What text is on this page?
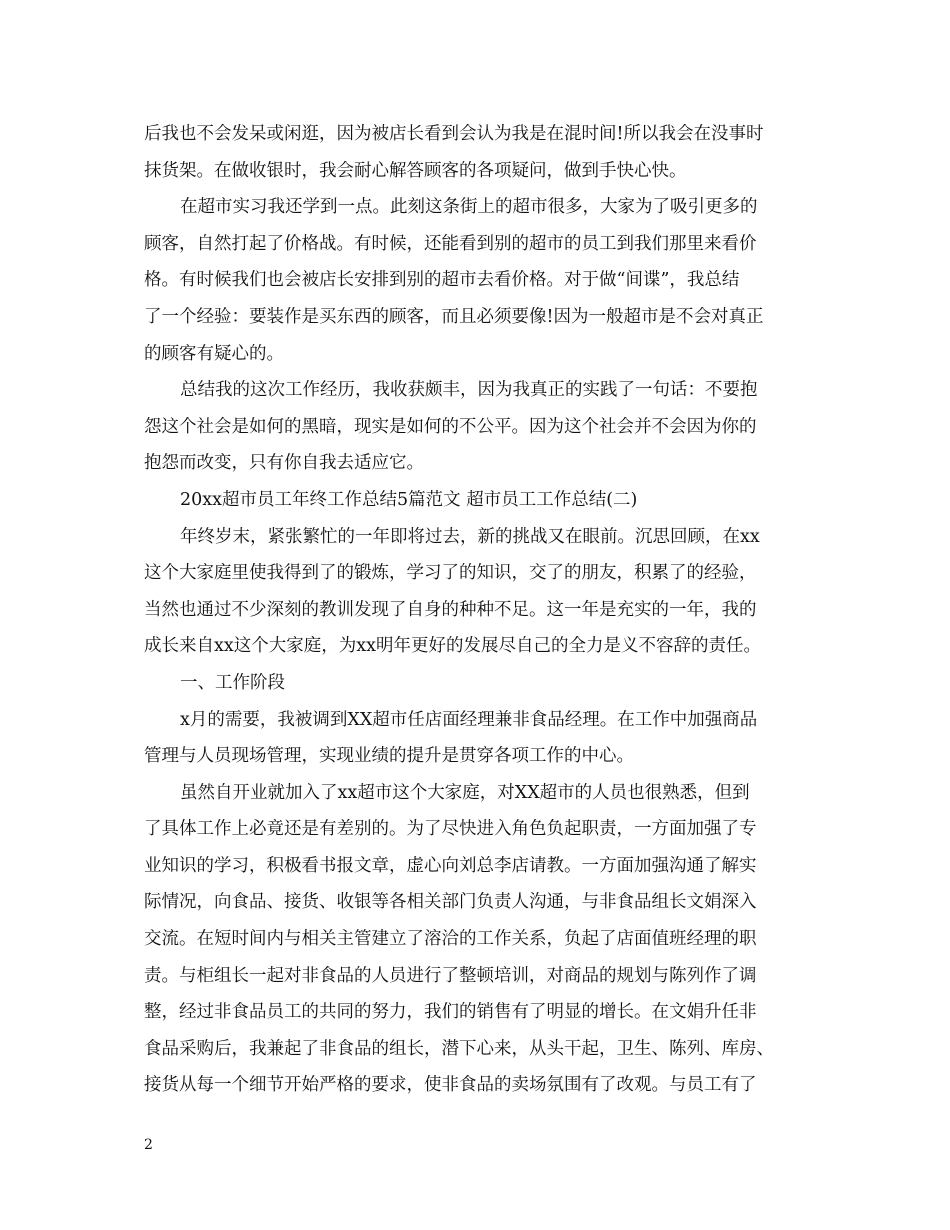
后我也不会发呆或闲逛，因为被店长看到会认为我是在混时间!所以我会在没事时
抹货架。在做收银时，我会耐心解答顾客的各项疑问，做到手快心快。
在超市实习我还学到一点。此刻这条街上的超市很多，大家为了吸引更多的
顾客，自然打起了价格战。有时候，还能看到别的超市的员工到我们那里来看价
格。有时候我们也会被店长安排到别的超市去看价格。对于做“间谍”，我总结
了一个经验：要装作是买东西的顾客，而且必须要像!因为一般超市是不会对真正
的顾客有疑心的。
总结我的这次工作经历，我收获颇丰，因为我真正的实践了一句话：不要抱
怨这个社会是如何的黑暗，现实是如何的不公平。因为这个社会并不会因为你的
抱怨而改变，只有你自我去适应它。
20xx超市员工年终工作总结5篇范文 超市员工工作总结(二)
年终岁末，紧张繁忙的一年即将过去，新的挑战又在眼前。沉思回顾，在xx
这个大家庭里使我得到了的锻炼，学习了的知识，交了的朋友，积累了的经验，
当然也通过不少深刻的教训发现了自身的种种不足。这一年是充实的一年，我的
成长来自xx这个大家庭，为xx明年更好的发展尽自己的全力是义不容辞的责任。
一、工作阶段
x月的需要，我被调到XX超市任店面经理兼非食品经理。在工作中加强商品
管理与人员现场管理，实现业绩的提升是贯穿各项工作的中心。
虽然自开业就加入了xx超市这个大家庭，对XX超市的人员也很熟悉，但到
了具体工作上必竟还是有差别的。为了尽快进入角色负起职责，一方面加强了专
业知识的学习，积极看书报文章，虚心向刘总李店请教。一方面加强沟通了解实
际情况，向食品、接货、收银等各相关部门负责人沟通，与非食品组长文娟深入
交流。在短时间内与相关主管建立了溶洽的工作关系，负起了店面值班经理的职
责。与柜组长一起对非食品的人员进行了整顿培训，对商品的规划与陈列作了调
整，经过非食品员工的共同的努力，我们的销售有了明显的增长。在文娟升任非
食品采购后，我兼起了非食品的组长，潜下心来，从头干起，卫生、陈列、库房、
接货从每一个细节开始严格的要求，使非食品的卖场氛围有了改观。与员工有了
2
